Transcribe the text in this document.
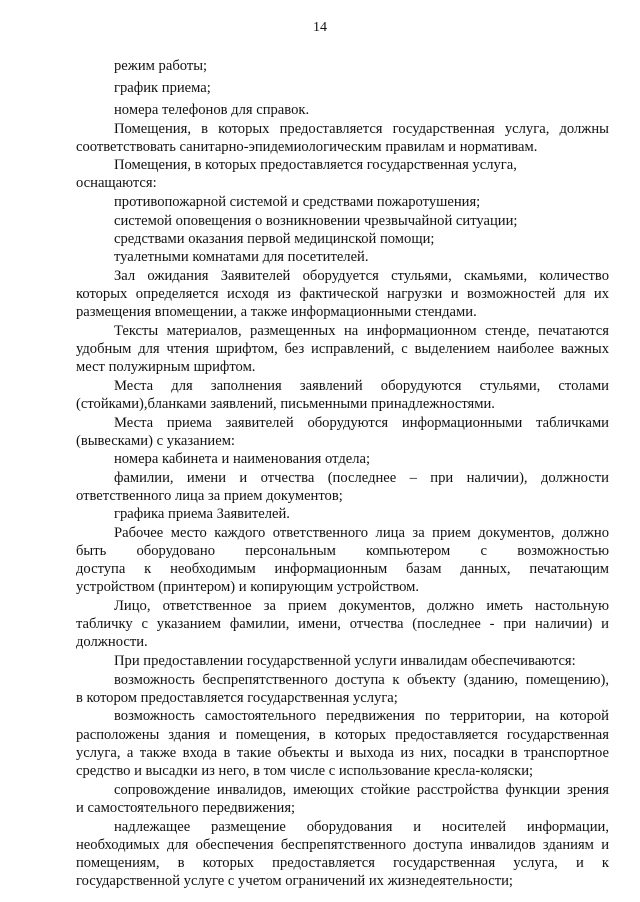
14
режим работы;
график приема;
номера телефонов для справок.
Помещения, в которых предоставляется государственная услуга, должны
соответствовать санитарно-эпидемиологическим правилам и нормативам.
Помещения, в которых предоставляется государственная услуга,
оснащаются:
противопожарной системой и средствами пожаротушения;
системой оповещения о возникновении чрезвычайной ситуации;
средствами оказания первой медицинской помощи;
туалетными комнатами для посетителей.
Зал ожидания Заявителей оборудуется стульями, скамьями, количество
которых определяется исходя из фактической нагрузки и возможностей для их
размещения впомещении, а также информационными стендами.
Тексты материалов, размещенных на информационном стенде, печатаются
удобным для чтения шрифтом, без исправлений, с выделением наиболее важных
мест полужирным шрифтом.
Места для заполнения заявлений оборудуются стульями, столами
(стойками),бланками заявлений, письменными принадлежностями.
Места приема заявителей оборудуются информационными табличками
(вывесками) с указанием:
номера кабинета и наименования отдела;
фамилии, имени и отчества (последнее – при наличии), должности
ответственного лица за прием документов;
графика приема Заявителей.
Рабочее место каждого ответственного лица за прием документов, должно
быть оборудовано персональным компьютером с возможностью
доступа к необходимым информационным базам данных, печатающим
устройством (принтером) и копирующим устройством.
Лицо, ответственное за прием документов, должно иметь настольную
табличку с указанием фамилии, имени, отчества (последнее - при наличии) и
должности.
При предоставлении государственной услуги инвалидам обеспечиваются:
возможность беспрепятственного доступа к объекту (зданию, помещению),
в котором предоставляется государственная услуга;
возможность самостоятельного передвижения по территории, на которой
расположены здания и помещения, в которых предоставляется государственная
услуга, а также входа в такие объекты и выхода из них, посадки в транспортное
средство и высадки из него, в том числе с использование кресла-коляски;
сопровождение инвалидов, имеющих стойкие расстройства функции зрения
и самостоятельного передвижения;
надлежащее размещение оборудования и носителей информации,
необходимых для обеспечения беспрепятственного доступа инвалидов зданиям и
помещениям, в которых предоставляется государственная услуга, и к
государственной услуге с учетом ограничений их жизнедеятельности;
